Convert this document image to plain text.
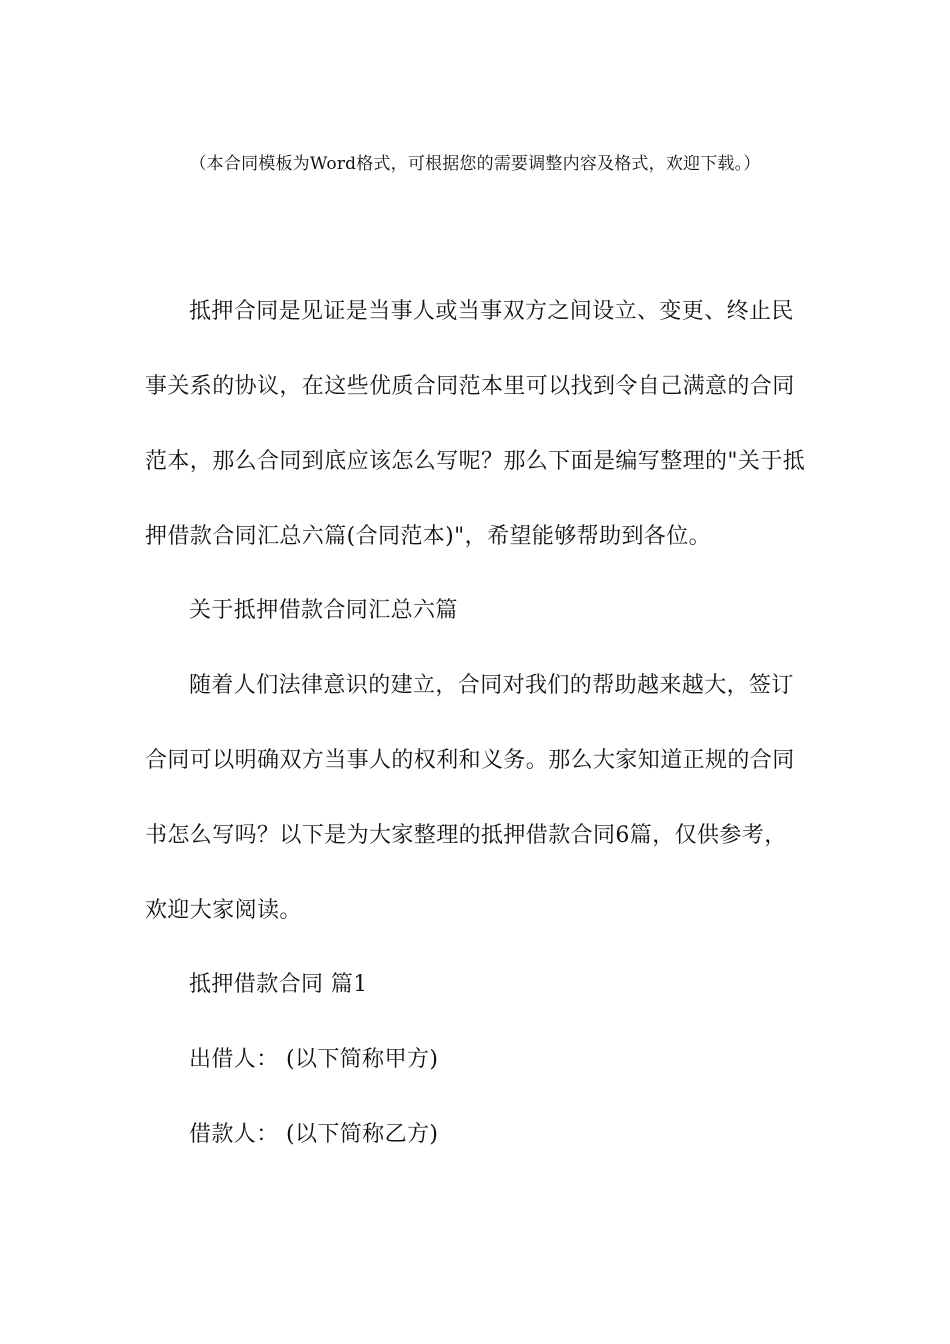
（本合同模板为Word格式，可根据您的需要调整内容及格式，欢迎下载。）
抵押合同是见证是当事人或当事双方之间设立、变更、终止民
事关系的协议，在这些优质合同范本里可以找到令自己满意的合同
范本，那么合同到底应该怎么写呢？那么下面是编写整理的"关于抵
押借款合同汇总六篇(合同范本)"，希望能够帮助到各位。
关于抵押借款合同汇总六篇
随着人们法律意识的建立，合同对我们的帮助越来越大，签订
合同可以明确双方当事人的权利和义务。那么大家知道正规的合同
书怎么写吗？以下是为大家整理的抵押借款合同6篇，仅供参考，
欢迎大家阅读。
抵押借款合同 篇1
出借人： (以下简称甲方)
借款人： (以下简称乙方)
